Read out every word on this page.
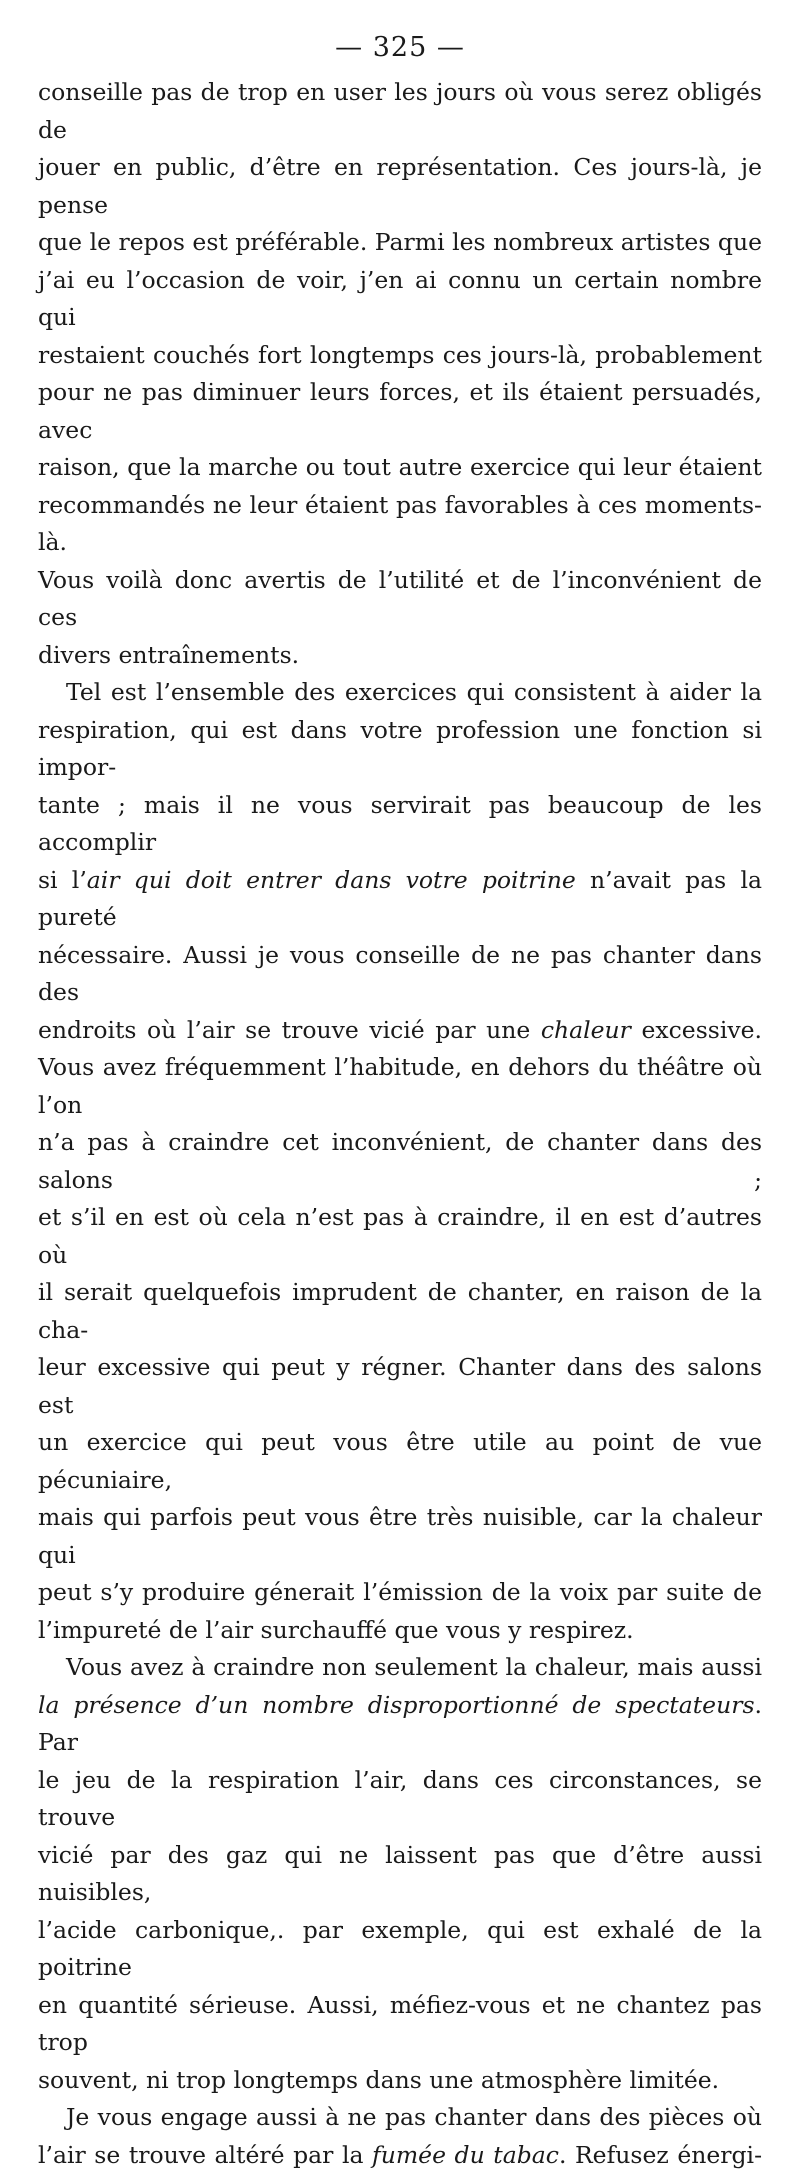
— 325 —
conseille pas de trop en user les jours où vous serez obligés de
jouer en public, d’être en représentation. Ces jours-là, je pense
que le repos est préférable. Parmi les nombreux artistes que
j’ai eu l’occasion de voir, j’en ai connu un certain nombre qui
restaient couchés fort longtemps ces jours-là, probablement
pour ne pas diminuer leurs forces, et ils étaient persuadés, avec
raison, que la marche ou tout autre exercice qui leur étaient
recommandés ne leur étaient pas favorables à ces moments-là.
Vous voilà donc avertis de l’utilité et de l’inconvénient de ces
divers entraînements.
Tel est l’ensemble des exercices qui consistent à aider la
respiration, qui est dans votre profession une fonction si impor-
tante ; mais il ne vous servirait pas beaucoup de les accomplir
si l’air qui doit entrer dans votre poitrine n’avait pas la pureté
nécessaire. Aussi je vous conseille de ne pas chanter dans des
endroits où l’air se trouve vicié par une chaleur excessive.
Vous avez fréquemment l’habitude, en dehors du théâtre où l’on
n’a pas à craindre cet inconvénient, de chanter dans des salons ;
et s’il en est où cela n’est pas à craindre, il en est d’autres où
il serait quelquefois imprudent de chanter, en raison de la cha-
leur excessive qui peut y régner. Chanter dans des salons est
un exercice qui peut vous être utile au point de vue pécuniaire,
mais qui parfois peut vous être très nuisible, car la chaleur qui
peut s’y produire génerait l’émission de la voix par suite de
l’impureté de l’air surchauffé que vous y respirez.
Vous avez à craindre non seulement la chaleur, mais aussi
la présence d’un nombre disproportionné de spectateurs. Par
le jeu de la respiration l’air, dans ces circonstances, se trouve
vicié par des gaz qui ne laissent pas que d’être aussi nuisibles,
l’acide carbonique,. par exemple, qui est exhalé de la poitrine
en quantité sérieuse. Aussi, méfiez-vous et ne chantez pas trop
souvent, ni trop longtemps dans une atmosphère limitée.
Je vous engage aussi à ne pas chanter dans des pièces où
l’air se trouve altéré par la fumée du tabac. Refusez énergi-
